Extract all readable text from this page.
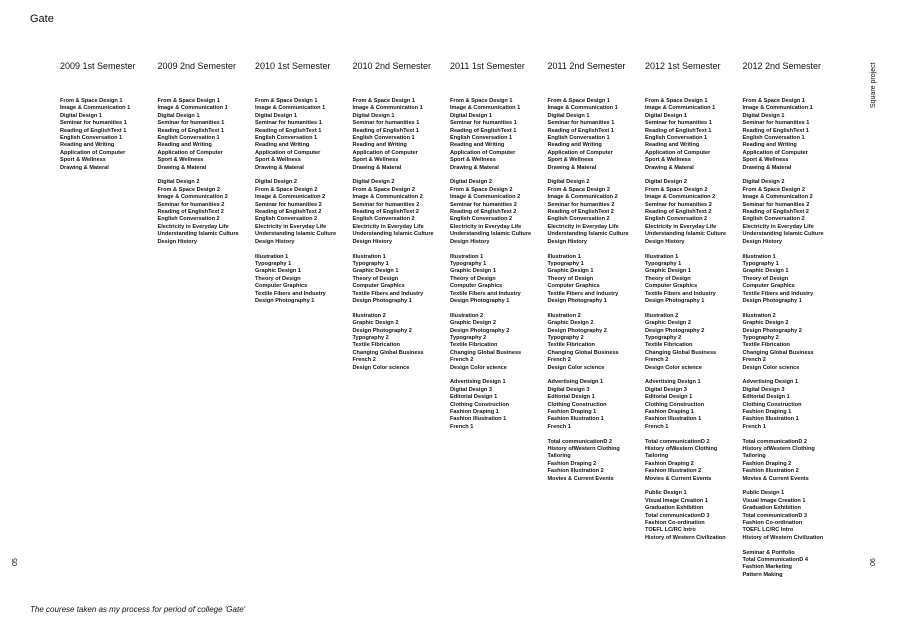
Gate
Square project
05	06
2009 1st Semester
From & Space Design 1
Image & Communication 1
Digital Design 1
Seminar for humanities 1
Reading of EnglishText 1
English Conversation 1
Reading and Writing
Application of Computer
Sport & Wellness
Drawing & Materal
2009 2nd Semester
From & Space Design 1
Image & Communication 1
Digital Design 1
Seminar for humanities 1
Reading of EnglishText 1
English Conversation 1
Reading and Writing
Application of Computer
Sport & Wellness
Drawing & Materal
Digital Design 2
From & Space Design 2
Image & Communication 2
Seminar for humanities 2
Reading of EnglishText 2
English Conversation 2
Electricity in Everyday Life
Understanding Islamic Culture
Design History
2010 1st Semester
From & Space Design 1
Image & Communication 1
Digital Design 1
Seminar for humanities 1
Reading of EnglishText 1
English Conversation 1
Reading and Writing
Application of Computer
Sport & Wellness
Drawing & Materal
Digital Design 2
From & Space Design 2
Image & Communication 2
Seminar for humanities 2
Reading of EnglishText 2
English Conversation 2
Electricity in Everyday Life
Understanding Islamic Culture
Design History
Illustration 1
Typography 1
Graphic Design 1
Theory of Design
Computer Graphics
Textile Fibers and Industry
Design Photography 1
2010 2nd Semester
From & Space Design 1
Image & Communication 1
Digital Design 1
Seminar for humanities 1
Reading of EnglishText 1
English Conversation 1
Reading and Writing
Application of Computer
Sport & Wellness
Drawing & Materal
Digital Design 2
From & Space Design 2
Image & Communication 2
Seminar for humanities 2
Reading of EnglishText 2
English Conversation 2
Electricity in Everyday Life
Understanding Islamic Culture
Design History
Illustration 1
Typography 1
Graphic Design 1
Theory of Design
Computer Graphics
Textile Fibers and Industry
Design Photography 1
Illustration 2
Graphic Design 2
Design Photography 2
Typography 2
Textile Fibrication
Changing Global Business
French 2
Design Color science
2011 1st Semester
From & Space Design 1
Image & Communication 1
Digital Design 1
Seminar for humanities 1
Reading of EnglishText 1
English Conversation 1
Reading and Writing
Application of Computer
Sport & Wellness
Drawing & Materal
Digital Design 2
From & Space Design 2
Image & Communication 2
Seminar for humanities 2
Reading of EnglishText 2
English Conversation 2
Electricity in Everyday Life
Understanding Islamic Culture
Design History
Illustration 1
Typography 1
Graphic Design 1
Theory of Design
Computer Graphics
Textile Fibers and Industry
Design Photography 1
Illustration 2
Graphic Design 2
Design Photography 2
Typography 2
Textile Fibrication
Changing Global Business
French 2
Design Color science
Advertising Design 1
Digital Design 3
Editorial Design 1
Clothing Construction
Fashion Draping 1
Fashion Illustration 1
French 1
2011 2nd Semester
From & Space Design 1
Image & Communication 1
Digital Design 1
Seminar for humanities 1
Reading of EnglishText 1
English Conversation 1
Reading and Writing
Application of Computer
Sport & Wellness
Drawing & Materal
Digital Design 2
From & Space Design 2
Image & Communication 2
Seminar for humanities 2
Reading of EnglishText 2
English Conversation 2
Electricity in Everyday Life
Understanding Islamic Culture
Design History
Illustration 1
Typography 1
Graphic Design 1
Theory of Design
Computer Graphics
Textile Fibers and Industry
Design Photography 1
Illustration 2
Graphic Design 2
Design Photography 2
Typography 2
Textile Fibrication
Changing Global Business
French 2
Design Color science
Advertising Design 1
Digital Design 3
Editorial Design 1
Clothing Construction
Fashion Draping 1
Fashion Illustration 1
French 1
Total communicationD 2
History ofWestern Clothing
Tailoring
Fashion Draping 2
Fashion Illustration 2
Movies & Current Events
2012 1st Semester
From & Space Design 1
Image & Communication 1
Digital Design 1
Seminar for humanities 1
Reading of EnglishText 1
English Conversation 1
Reading and Writing
Application of Computer
Sport & Wellness
Drawing & Materal
Digital Design 2
From & Space Design 2
Image & Communication 2
Seminar for humanities 2
Reading of EnglishText 2
English Conversation 2
Electricity in Everyday Life
Understanding Islamic Culture
Design History
Illustration 1
Typography 1
Graphic Design 1
Theory of Design
Computer Graphics
Textile Fibers and Industry
Design Photography 1
Illustration 2
Graphic Design 2
Design Photography 2
Typography 2
Textile Fibrication
Changing Global Business
French 2
Design Color science
Advertising Design 1
Digital Design 3
Editorial Design 1
Clothing Construction
Fashion Draping 1
Fashion Illustration 1
French 1
Total communicationD 2
History ofWestern Clothing
Tailoring
Fashion Draping 2
Fashion Illustration 2
Movies & Current Events
Public Design 1
Visual Image Creation 1
Graduation Exhibition
Total communicationD 3
Fashion Co-ordination
TOEFL LC/RC Intro
History of Western Civilization
2012 2nd Semester
From & Space Design 1
Image & Communication 1
Digital Design 1
Seminar for humanities 1
Reading of EnglishText 1
English Conversation 1
Reading and Writing
Application of Computer
Sport & Wellness
Drawing & Materal
Digital Design 2
From & Space Design 2
Image & Communication 2
Seminar for humanities 2
Reading of EnglishText 2
English Conversation 2
Electricity in Everyday Life
Understanding Islamic Culture
Design History
Illustration 1
Typography 1
Graphic Design 1
Theory of Design
Computer Graphics
Textile Fibers and Industry
Design Photography 1
Illustration 2
Graphic Design 2
Design Photography 2
Typography 2
Textile Fibrication
Changing Global Business
French 2
Design Color science
Advertising Design 1
Digital Design 3
Editorial Design 1
Clothing Construction
Fashion Draping 1
Fashion Illustration 1
French 1
Total communicationD 2
History ofWestern Clothing
Tailoring
Fashion Draping 2
Fashion Illustration 2
Movies & Current Events
Public Design 1
Visual Image Creation 1
Graduation Exhibition
Total communicationD 3
Fashion Co-ordination
TOEFL LC/RC Intro
History of Western Civilization
Seminar & Portfolio
Total CommunicationD 4
Fashion Marketing
Pattern Making
The courese taken as my process for period of college 'Gate'
